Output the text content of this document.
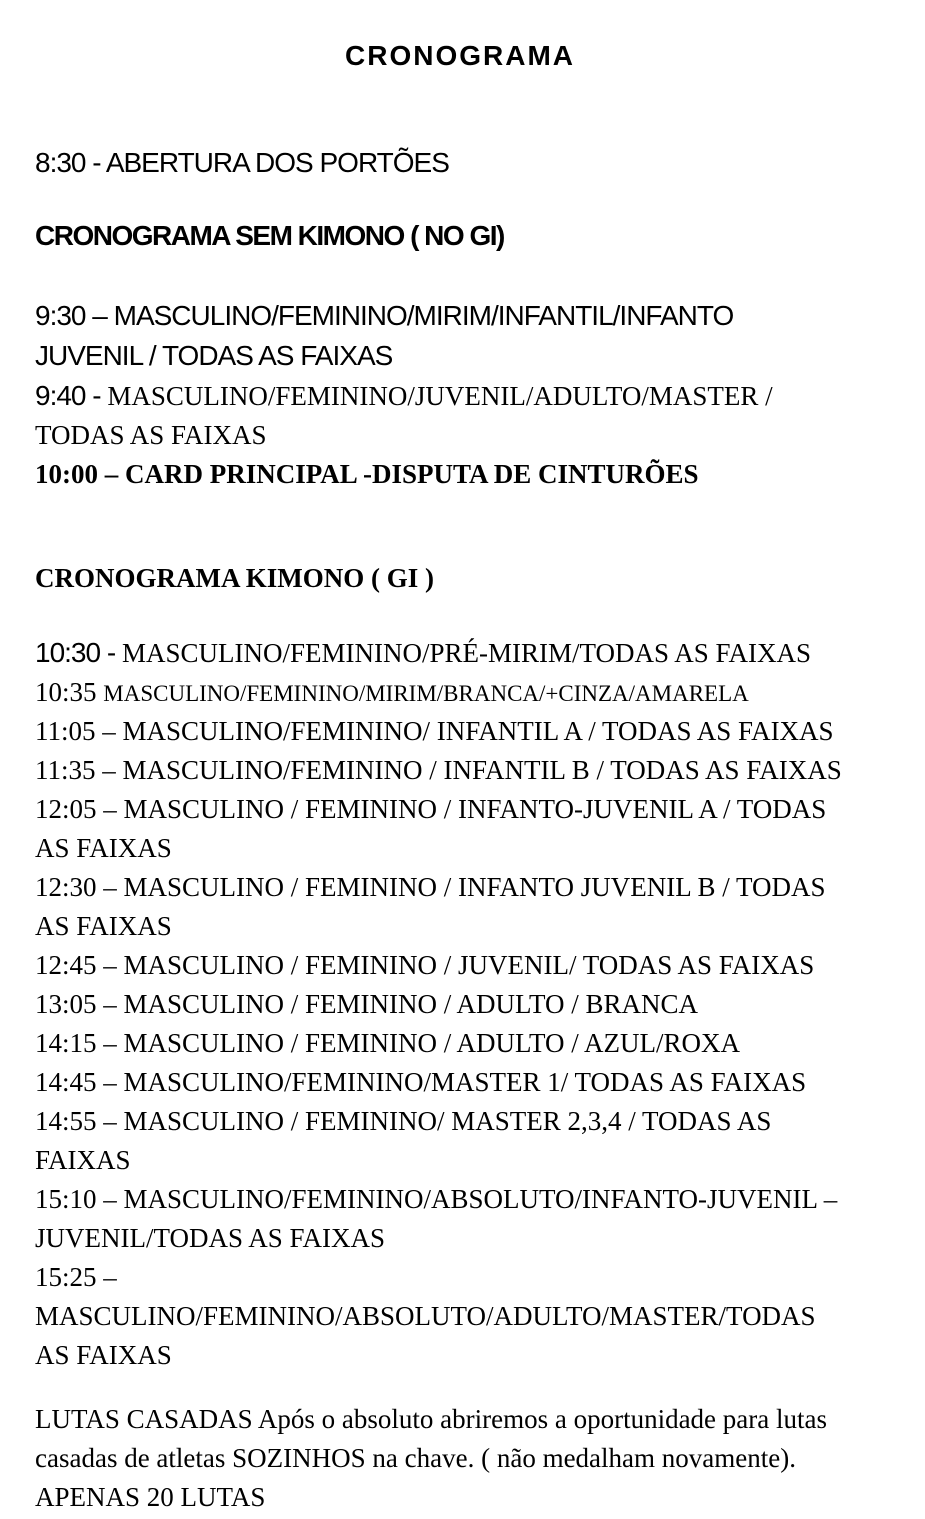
CRONOGRAMA
8:30 - ABERTURA DOS PORTÕES
CRONOGRAMA SEM KIMONO ( NO GI)
9:30 – MASCULINO/FEMININO/MIRIM/INFANTIL/INFANTO
JUVENIL / TODAS AS FAIXAS
9:40 - MASCULINO/FEMININO/JUVENIL/ADULTO/MASTER /
TODAS AS FAIXAS
10:00 – CARD PRINCIPAL -DISPUTA DE CINTURÕES
CRONOGRAMA KIMONO ( GI )
10:30 - MASCULINO/FEMININO/PRÉ-MIRIM/TODAS AS FAIXAS
10:35 MASCULINO/FEMININO/MIRIM/BRANCA/+CINZA/AMARELA
11:05 – MASCULINO/FEMININO/ INFANTIL A / TODAS AS FAIXAS
11:35 – MASCULINO/FEMININO / INFANTIL B / TODAS AS FAIXAS
12:05 – MASCULINO / FEMININO / INFANTO-JUVENIL A / TODAS
AS FAIXAS
12:30 – MASCULINO / FEMININO / INFANTO JUVENIL B / TODAS
AS FAIXAS
12:45 – MASCULINO / FEMININO / JUVENIL/ TODAS AS FAIXAS
13:05 – MASCULINO / FEMININO / ADULTO / BRANCA
14:15 – MASCULINO / FEMININO / ADULTO / AZUL/ROXA
14:45 – MASCULINO/FEMININO/MASTER 1/ TODAS AS FAIXAS
14:55 – MASCULINO / FEMININO/ MASTER 2,3,4 / TODAS AS
FAIXAS
15:10 – MASCULINO/FEMININO/ABSOLUTO/INFANTO-JUVENIL –
JUVENIL/TODAS AS FAIXAS
15:25 –
MASCULINO/FEMININO/ABSOLUTO/ADULTO/MASTER/TODAS
AS FAIXAS
LUTAS CASADAS Após o absoluto abriremos a oportunidade para lutas
casadas de atletas SOZINHOS na chave. ( não medalham novamente).
APENAS 20 LUTAS
